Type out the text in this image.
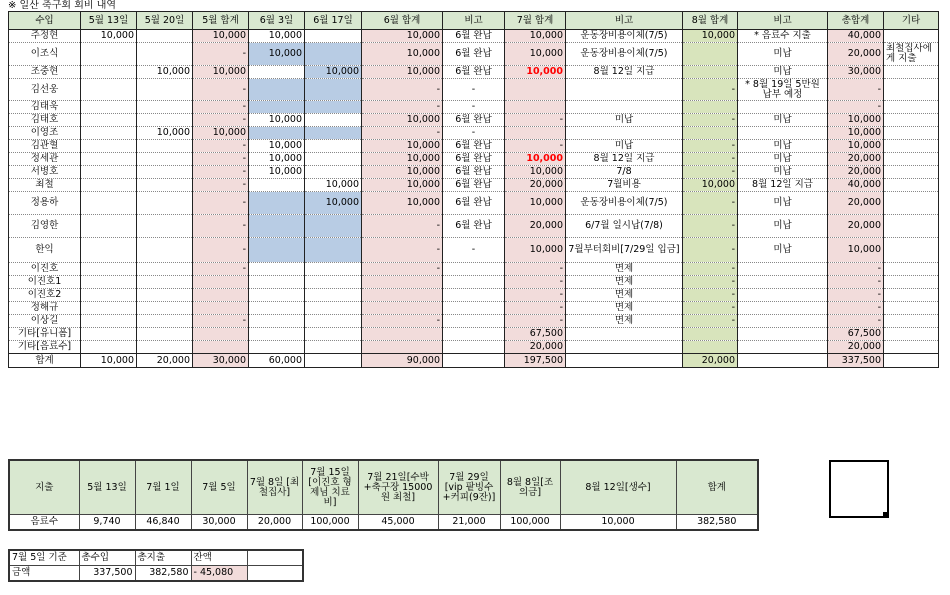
※ 일산 축구회 회비 내역
수입	5월 13일	5월 20일	5월 합계	6월 3일	6월 17일	6월 합계	비고	7월 합계	비고	8월 합계	비고	총합계	기타
주정현	10,000		10,000	10,000		10,000	6월 완납	10,000	운동장비용이체(7/5)	10,000	* 음료수 지출	40,000	
이조식			-	10,000		10,000	6월 완납	10,000	운동장비용이체(7/5)		미납	20,000	최철집사에게 지출
조중현		10,000	10,000		10,000	10,000	6월 완납	10,000	8월 12일 지급		미납	30,000	
김선웅			-			-	-			-	* 8월 19일 5만원 납부 예정	-	
김태욱			-			-	-					-	
김태호			-	10,000		10,000	6월 완납	-	미납	-	미납	10,000	
이영조		10,000	10,000			-	-					10,000	
김관혈			-	10,000		10,000	6월 완납	-	미납	-	미납	10,000	
정세관			-	10,000		10,000	6월 완납	10,000	8월 12일 지급	-	미납	20,000	
서병호			-	10,000		10,000	6월 완납	10,000	7/8	-	미납	20,000	
최철			-		10,000	10,000	6월 완납	20,000	7월비용	10,000	8월 12일 지급	40,000	
정용하			-		10,000	10,000	6월 완납	10,000	운동장비용이체(7/5)	-	미납	20,000	
김영한			-			-	6월 완납	20,000	6/7월 일시납(7/8)	-	미납	20,000	
한익			-			-	-	10,000	7월부터회비[7/29일 입금]	-	미납	10,000	
이진호			-			-		-	면제	-		-	
이진호1								-	면제	-		-	
이진호2								-	면제	-		-	
정해규								-	면제	-		-	
이상길			-			-		-	면제	-		-	
기타[유니폼]								67,500				67,500	
기타[음료수]								20,000				20,000	
합계	10,000	20,000	30,000	60,000		90,000		197,500		20,000		337,500	
지출	5월 13일	7월 1일	7월 5일	7월 8일 [최철집사]	7월 15일 [이진호 형제님 치료비]	7월 21일[수박+축구장 15000원 최철]	7월 29일 [vip 팥빙수+커피(9잔)]	8월 8일[조의금]	8월 12일[생수]	합계
음료수	9,740	46,840	30,000	20,000	100,000	45,000	21,000	100,000	10,000	382,580
7월 5일 기준	총수입	총지출	잔액	
금액	337,500	382,580	- 45,080	
